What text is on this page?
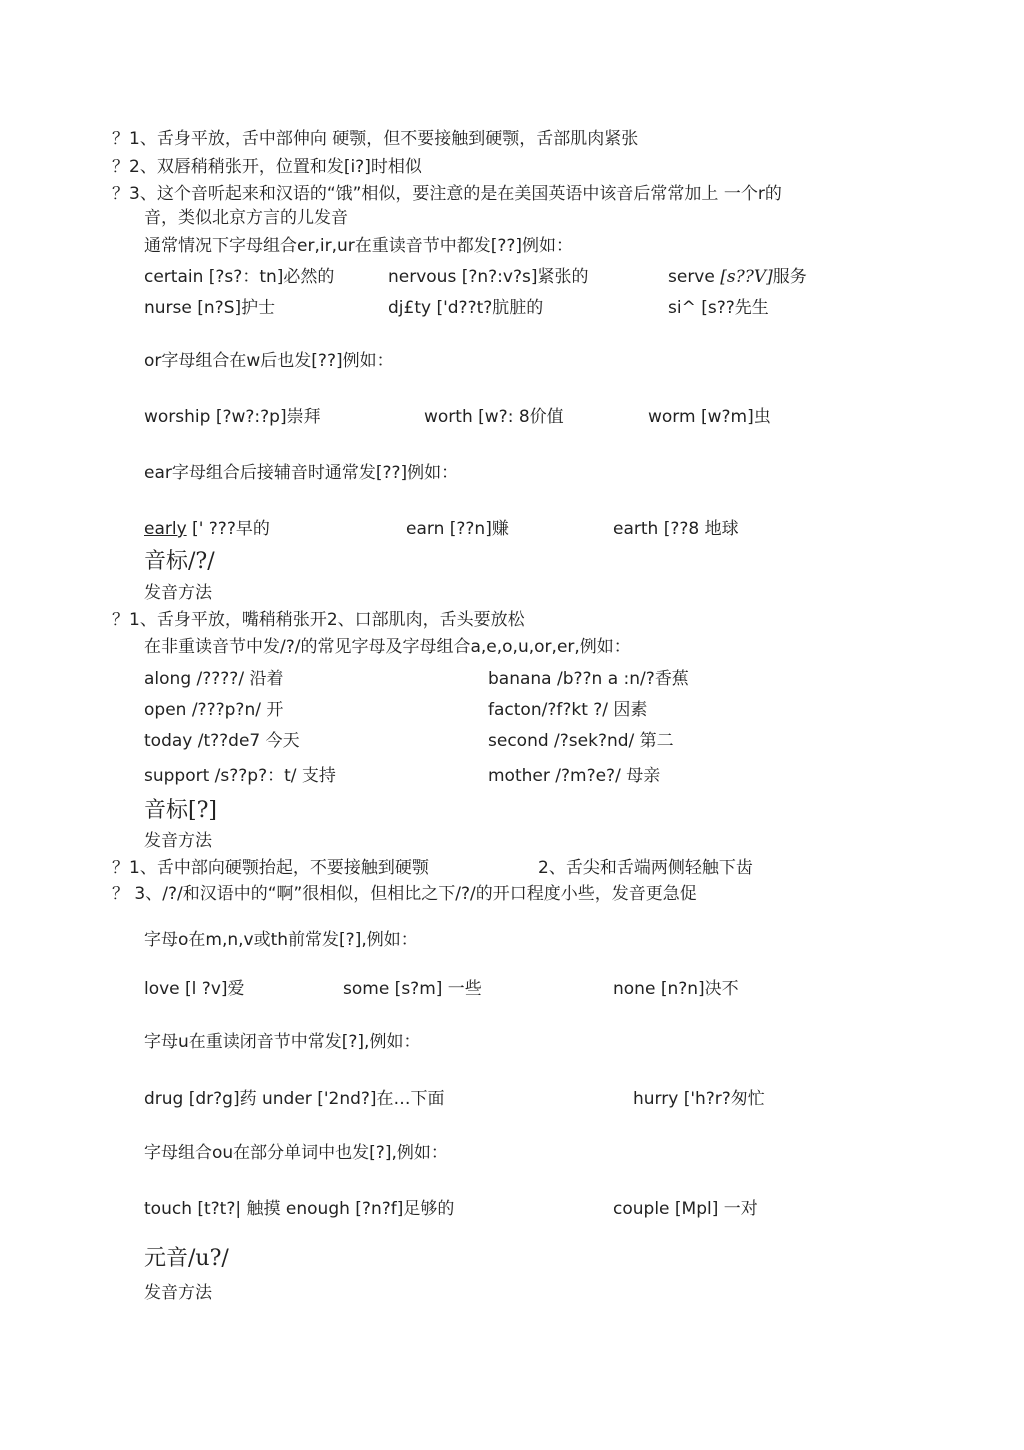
？1、舌身平放，舌中部伸向 硬颚，但不要接触到硬颚，舌部肌肉紧张
？2、双唇稍稍张开，位置和发[i?]时相似
？3、这个音听起来和汉语的“饿”相似，要注意的是在美国英语中该音后常常加上 一个r的
音，类似北京方言的儿发音
通常情况下字母组合er,ir,ur在重读音节中都发[??]例如：
certain [?s?：tn]必然的	nervous [?n?:v?s]紧张的	serve [s??V]服务
nurse [n?S]护士	dj£ty ['d??t?肮脏的	si^ [s??先生
or字母组合在w后也发[??]例如：
worship [?w?:?p]崇拜	worth [w?: 8价值	worm [w?m]虫
ear字母组合后接辅音时通常发[??]例如：
early [' ???早的	earn [??n]赚	earth [??8 地球
音标/?/
发音方法
？1、舌身平放，嘴稍稍张开2、口部肌肉，舌头要放松
在非重读音节中发/?/的常见字母及字母组合a,e,o,u,or,er,例如：
along /????/ 沿着	banana /b??n a :n/?香蕉
open /???p?n/ 开	facton/?f?kt ?/ 因素
today /t??de7 今天	second /?sek?nd/ 第二
support /s??p?：t/ 支持	mother /?m?e?/ 母亲
音标[?]
发音方法
？1、舌中部向硬颚抬起，不要接触到硬颚	2、舌尖和舌端两侧轻触下齿
？ 3、/?/和汉语中的“啊”很相似，但相比之下/?/的开口程度小些，发音更急促
字母o在m,n,v或th前常发[?],例如：
love [l ?v]爱	some [s?m] 一些	none [n?n]决不
字母u在重读闭音节中常发[?],例如：
drug [dr?g]药 under ['2nd?]在…下面	hurry ['h?r?匆忙
字母组合ou在部分单词中也发[?],例如：
touch [t?t?| 触摸 enough [?n?f]足够的	couple [Mpl] 一对
元音/u?/
发音方法
